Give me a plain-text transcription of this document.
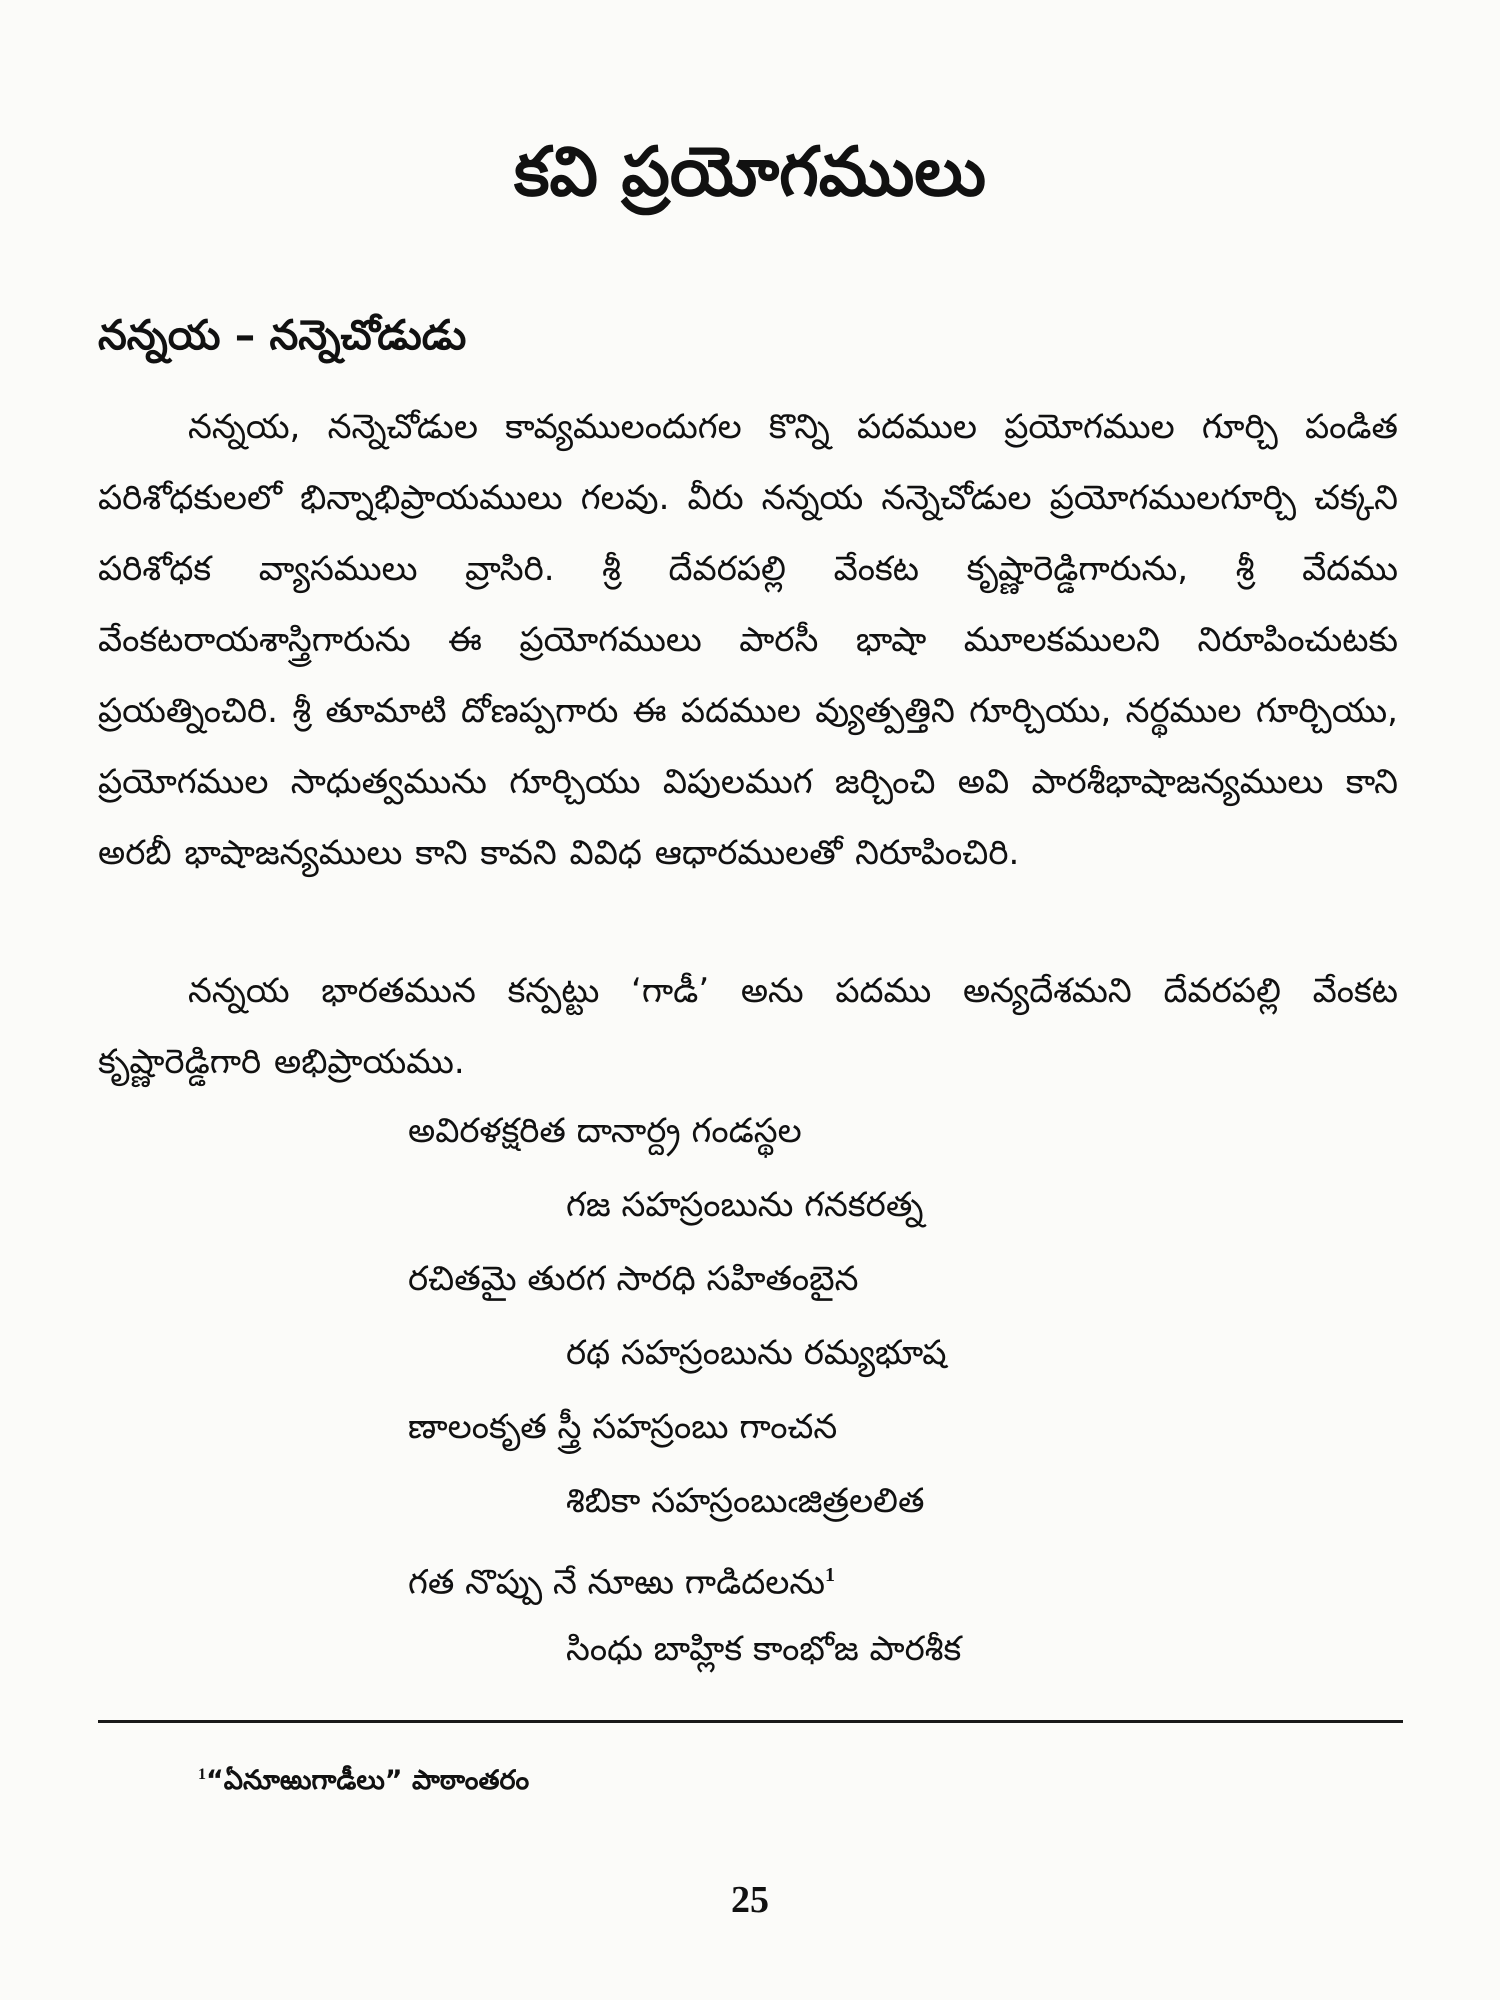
కవి ప్రయోగములు
నన్నయ – నన్నెచోడుడు

నన్నయ, నన్నెచోడుల కావ్యములందుగల కొన్ని పదముల ప్రయోగముల గూర్చి పండిత పరిశోధకులలో భిన్నాభిప్రాయములు గలవు. వీరు నన్నయ నన్నెచోడుల ప్రయోగములగూర్చి చక్కని పరిశోధక వ్యాసములు వ్రాసిరి. శ్రీ దేవరపల్లి వేంకట కృష్ణారెడ్డిగారును, శ్రీ వేదము వేంకటరాయశాస్త్రిగారును ఈ ప్రయోగములు పారసీ భాషా మూలకములని నిరూపించుటకు ప్రయత్నించిరి. శ్రీ తూమాటి దోణప్పగారు ఈ పదముల వ్యుత్పత్తిని గూర్చియు, నర్థముల గూర్చియు, ప్రయోగముల సాధుత్వమును గూర్చియు విపులముగ జర్చించి అవి పారశీభాషాజన్యములు కాని అరబీ భాషాజన్యములు కాని కావని వివిధ ఆధారములతో నిరూపించిరి.

నన్నయ భారతమున కన్పట్టు ‘గాడీ’ అను పదము అన్యదేశమని దేవరపల్లి వేంకట కృష్ణారెడ్డిగారి అభిప్రాయము.

అవిరళక్షరిత దానార్ద్ర గండస్థల
గజ సహస్రంబును గనకరత్న
రచితమై తురగ సారధి సహితంబైన
రథ సహస్రంబును రమ్యభూష
ణాలంకృత స్త్రీ సహస్రంబు గాంచన
శిబికా సహస్రంబుఁజిత్రలలిత
గత నొప్పు నే నూఱు గాడిదలను$^1$
సింధు బాహ్లిక కాంభోజ పారశీక
$^1$“ఏనూఱుగాడీలు” పాఠాంతరం
25
